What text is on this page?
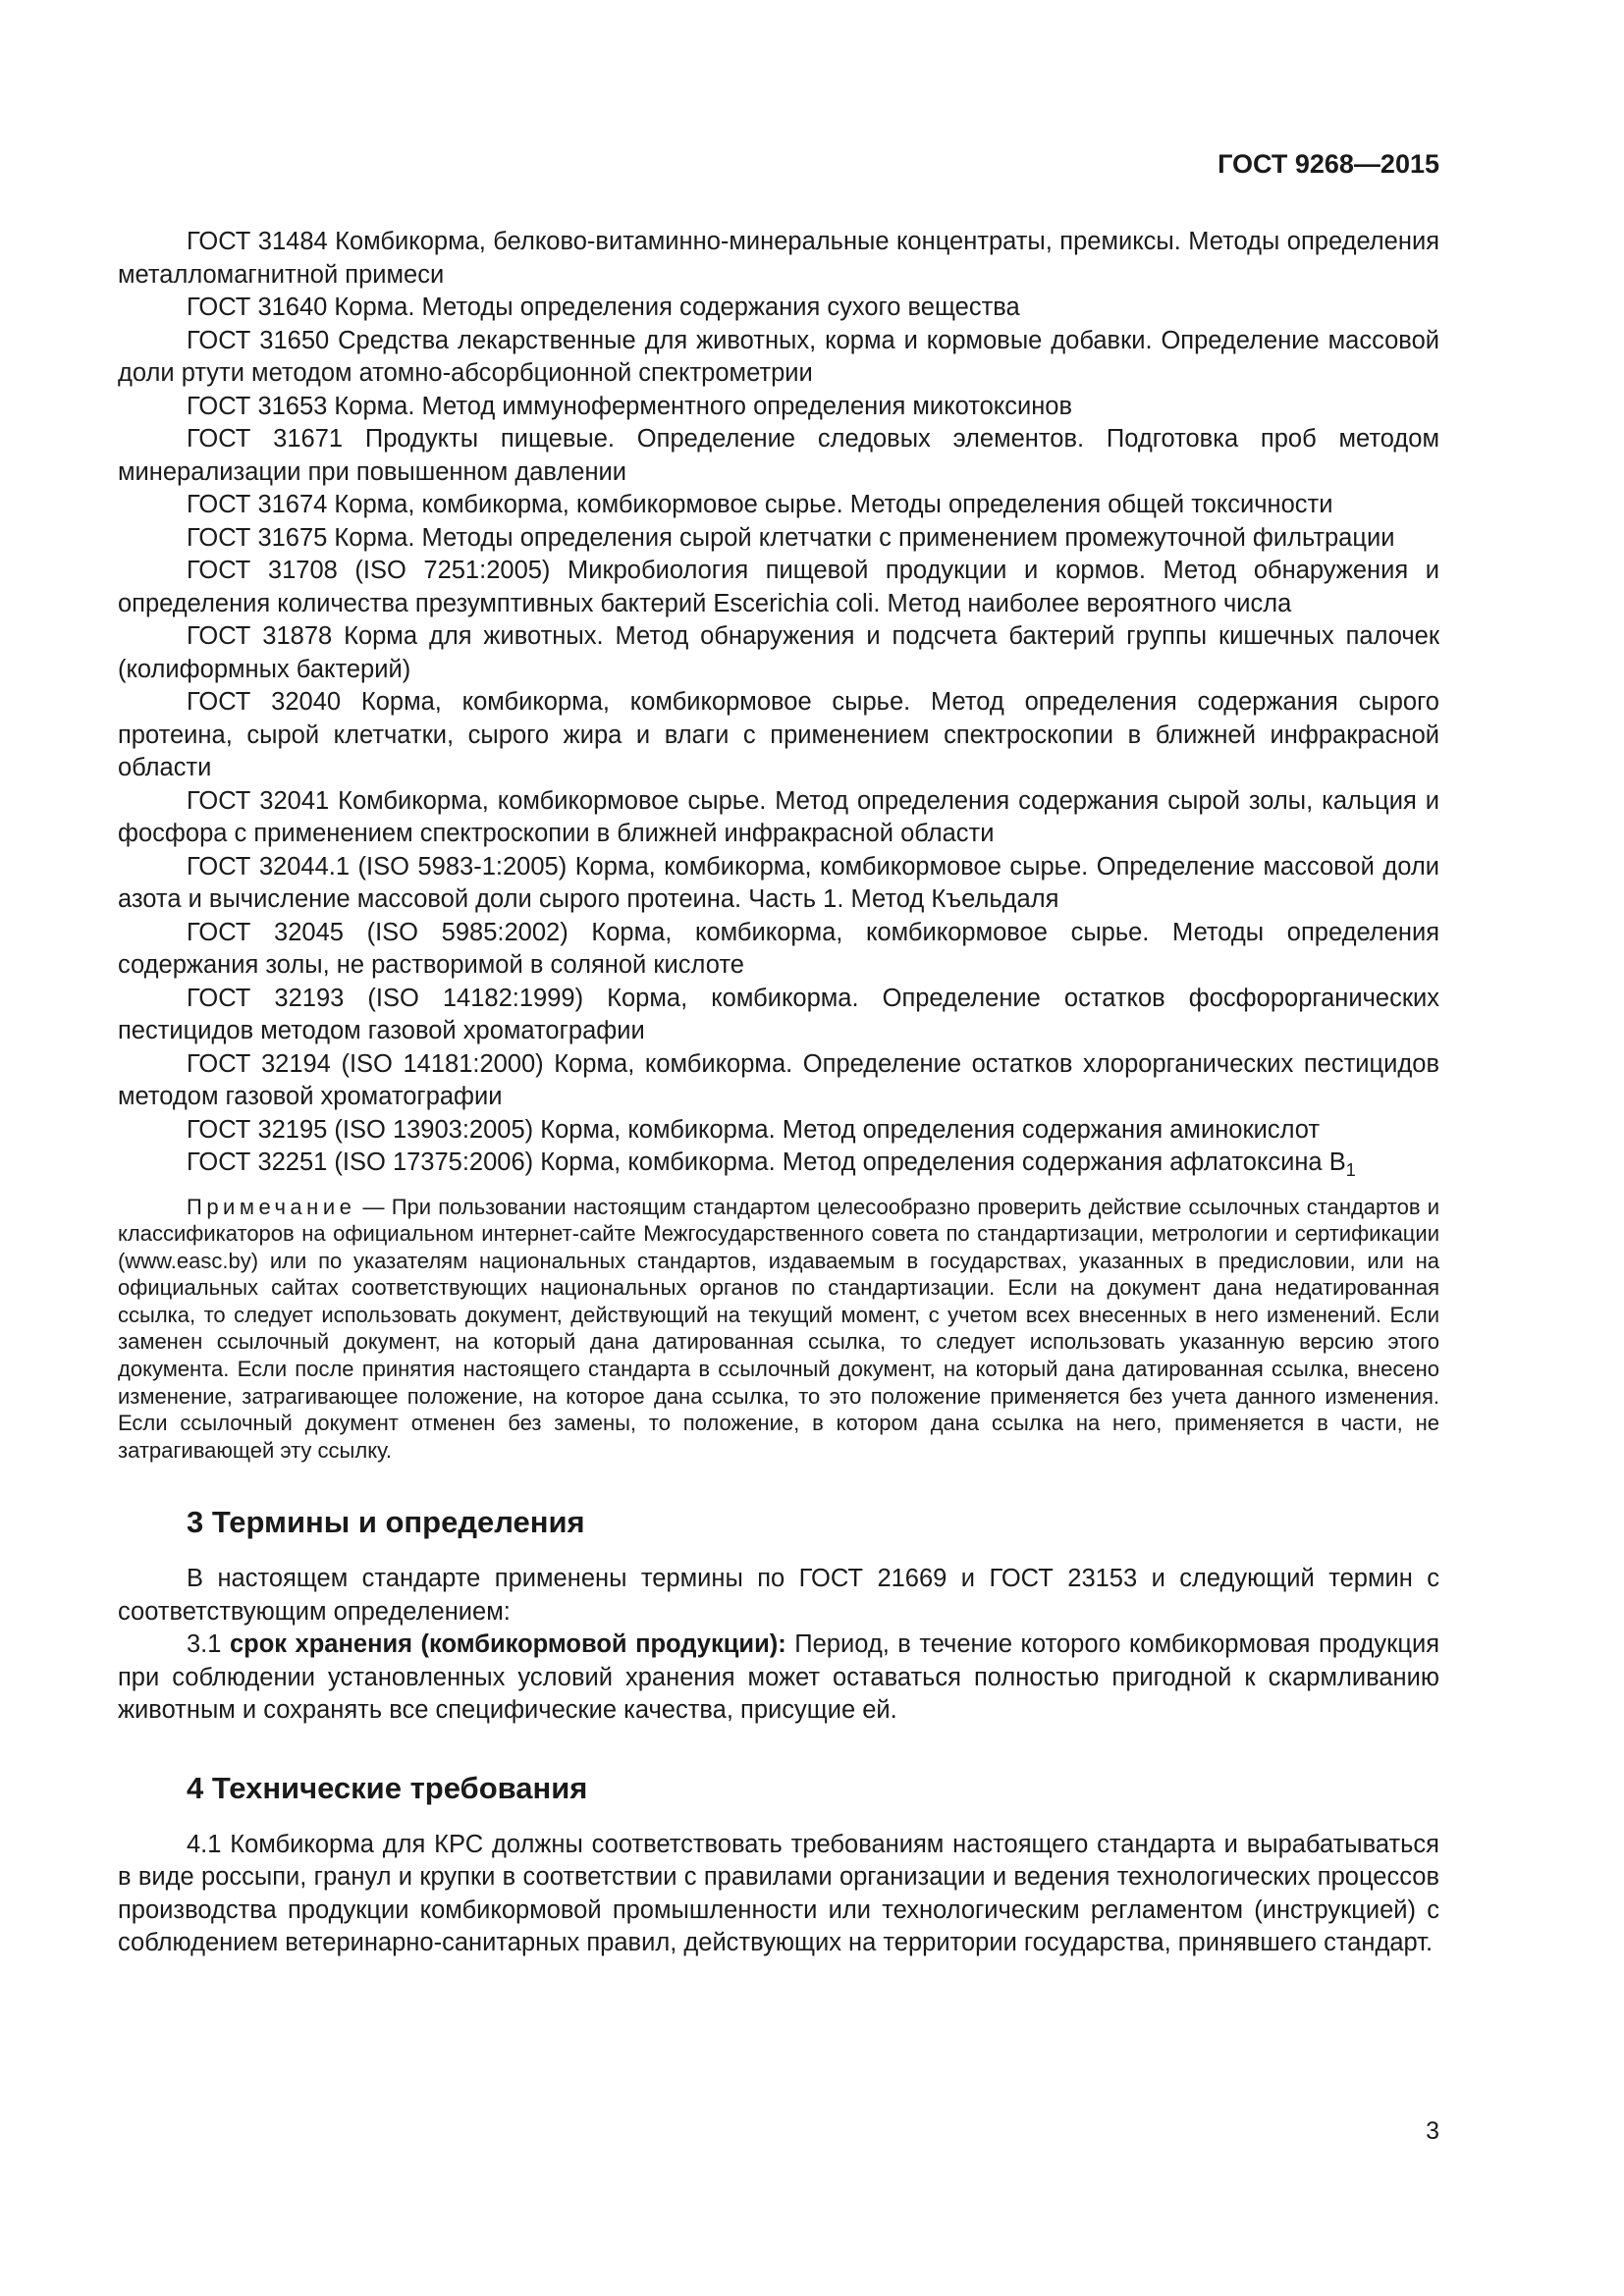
ГОСТ 9268—2015

ГОСТ 31484 Комбикорма, белково-витаминно-минеральные концентраты, премиксы. Методы определения металломагнитной примеси

ГОСТ 31640 Корма. Методы определения содержания сухого вещества

ГОСТ 31650 Средства лекарственные для животных, корма и кормовые добавки. Определение массовой доли ртути методом атомно-абсорбционной спектрометрии

ГОСТ 31653 Корма. Метод иммуноферментного определения микотоксинов

ГОСТ 31671 Продукты пищевые. Определение следовых элементов. Подготовка проб методом минерализации при повышенном давлении

ГОСТ 31674 Корма, комбикорма, комбикормовое сырье. Методы определения общей токсичности

ГОСТ 31675 Корма. Методы определения сырой клетчатки с применением промежуточной фильтрации

ГОСТ 31708 (ISO 7251:2005) Микробиология пищевой продукции и кормов. Метод обнаружения и определения количества презумптивных бактерий Escerichia coli. Метод наиболее вероятного числа

ГОСТ 31878 Корма для животных. Метод обнаружения и подсчета бактерий группы кишечных палочек (колиформных бактерий)

ГОСТ 32040 Корма, комбикорма, комбикормовое сырье. Метод определения содержания сырого протеина, сырой клетчатки, сырого жира и влаги с применением спектроскопии в ближней инфракрасной области

ГОСТ 32041 Комбикорма, комбикормовое сырье. Метод определения содержания сырой золы, кальция и фосфора с применением спектроскопии в ближней инфракрасной области

ГОСТ 32044.1 (ISO 5983-1:2005) Корма, комбикорма, комбикормовое сырье. Определение массовой доли азота и вычисление массовой доли сырого протеина. Часть 1. Метод Къельдаля

ГОСТ 32045 (ISO 5985:2002) Корма, комбикорма, комбикормовое сырье. Методы определения содержания золы, не растворимой в соляной кислоте

ГОСТ 32193 (ISO 14182:1999) Корма, комбикорма. Определение остатков фосфорорганических пестицидов методом газовой хроматографии

ГОСТ 32194 (ISO 14181:2000) Корма, комбикорма. Определение остатков хлорорганических пестицидов методом газовой хроматографии

ГОСТ 32195 (ISO 13903:2005) Корма, комбикорма. Метод определения содержания аминокислот

ГОСТ 32251 (ISO 17375:2006) Корма, комбикорма. Метод определения содержания афлатоксина $B_1$

Примечание — При пользовании настоящим стандартом целесообразно проверить действие ссылочных стандартов и классификаторов на официальном интернет-сайте Межгосударственного совета по стандартизации, метрологии и сертификации (www.easc.by) или по указателям национальных стандартов, издаваемым в государствах, указанных в предисловии, или на официальных сайтах соответствующих национальных органов по стандартизации. Если на документ дана недатированная ссылка, то следует использовать документ, действующий на текущий момент, с учетом всех внесенных в него изменений. Если заменен ссылочный документ, на который дана датированная ссылка, то следует использовать указанную версию этого документа. Если после принятия настоящего стандарта в ссылочный документ, на который дана датированная ссылка, внесено изменение, затрагивающее положение, на которое дана ссылка, то это положение применяется без учета данного изменения. Если ссылочный документ отменен без замены, то положение, в котором дана ссылка на него, применяется в части, не затрагивающей эту ссылку.

3 Термины и определения

В настоящем стандарте применены термины по ГОСТ 21669 и ГОСТ 23153 и следующий термин с соответствующим определением:

3.1 срок хранения (комбикормовой продукции): Период, в течение которого комбикормовая продукция при соблюдении установленных условий хранения может оставаться полностью пригодной к скармливанию животным и сохранять все специфические качества, присущие ей.

4 Технические требования

4.1 Комбикорма для КРС должны соответствовать требованиям настоящего стандарта и вырабатываться в виде россыпи, гранул и крупки в соответствии с правилами организации и ведения технологических процессов производства продукции комбикормовой промышленности или технологическим регламентом (инструкцией) с соблюдением ветеринарно-санитарных правил, действующих на территории государства, принявшего стандарт.

3
